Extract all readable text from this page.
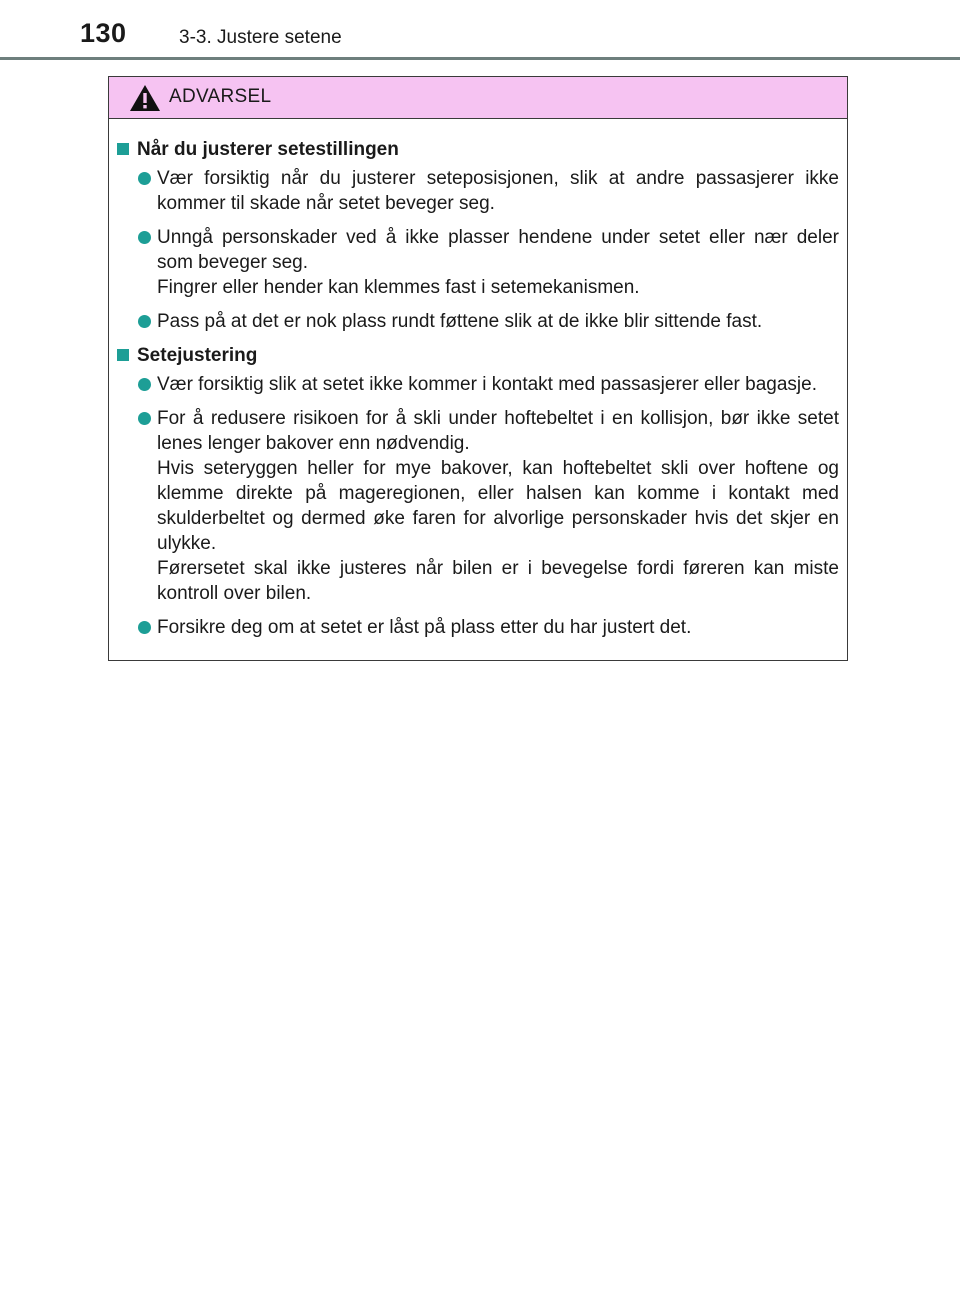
130	3-3. Justere setene
ADVARSEL
Når du justerer setestillingen
Vær forsiktig når du justerer seteposisjonen, slik at andre passasjerer ikke kommer til skade når setet beveger seg.
Unngå personskader ved å ikke plasser hendene under setet eller nær deler som beveger seg.
Fingrer eller hender kan klemmes fast i setemekanismen.
Pass på at det er nok plass rundt føttene slik at de ikke blir sittende fast.
Setejustering
Vær forsiktig slik at setet ikke kommer i kontakt med passasjerer eller bagasje.
For å redusere risikoen for å skli under hoftebeltet i en kollisjon, bør ikke setet lenes lenger bakover enn nødvendig.
Hvis seteryggen heller for mye bakover, kan hoftebeltet skli over hoftene og klemme direkte på mageregionen, eller halsen kan komme i kontakt med skulderbeltet og dermed øke faren for alvorlige personskader hvis det skjer en ulykke.
Førersetet skal ikke justeres når bilen er i bevegelse fordi føreren kan miste kontroll over bilen.
Forsikre deg om at setet er låst på plass etter du har justert det.
